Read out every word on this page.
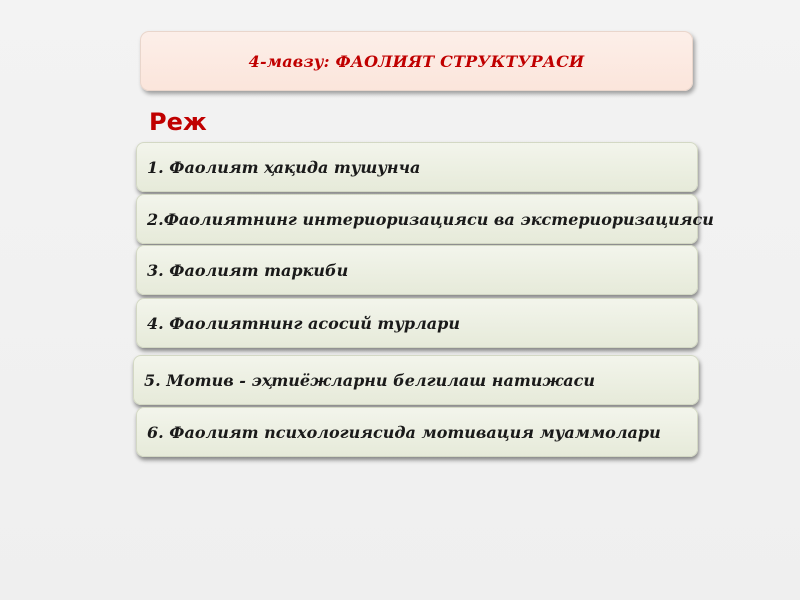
4-мавзу: ФАОЛИЯТ СТРУКТУРАСИ
Реж
1. Фаолият ҳақида тушунча
2.Фаолиятнинг интериоризацияси ва экстериоризацияси
3. Фаолият таркиби
4. Фаолиятнинг асосий турлари
5. Мотив - эҳтиёжларни белгилаш натижаси
6. Фаолият психологиясида мотивация муаммолари
